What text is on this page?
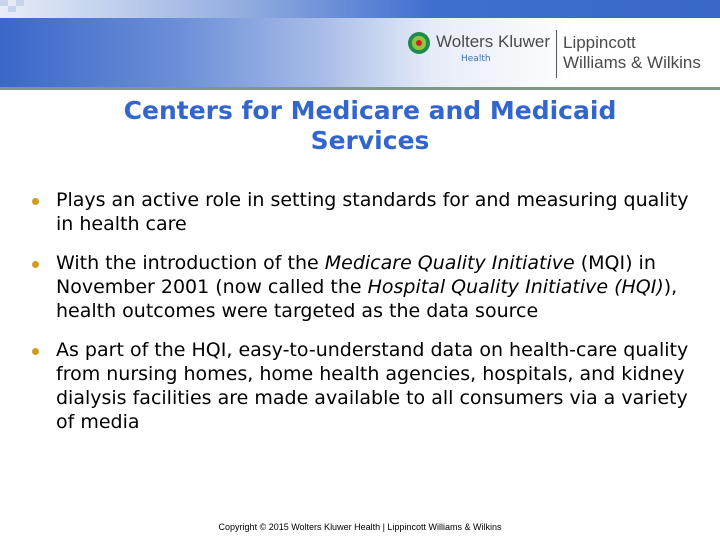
Wolters Kluwer
Health
Lippincott
Williams & Wilkins
Centers for Medicare and Medicaid Services
Plays an active role in setting standards for and measuring quality in health care
With the introduction of the Medicare Quality Initiative (MQI) in November 2001 (now called the Hospital Quality Initiative (HQI)), health outcomes were targeted as the data source
As part of the HQI, easy-to-understand data on health-care quality from nursing homes, home health agencies, hospitals, and kidney dialysis facilities are made available to all consumers via a variety of media
Copyright © 2015 Wolters Kluwer Health | Lippincott Williams & Wilkins
